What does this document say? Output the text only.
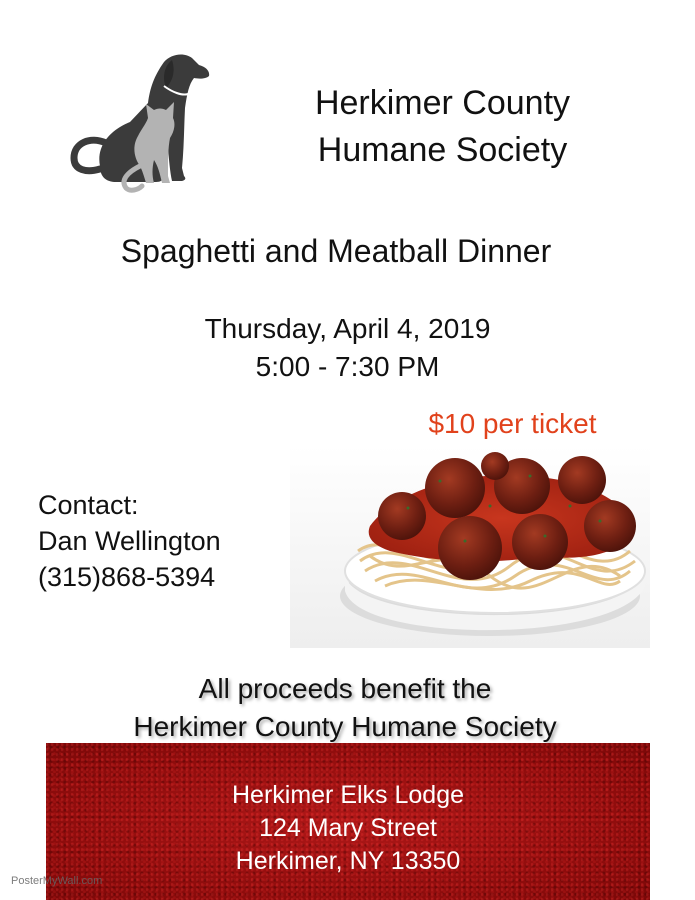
Herkimer County
Humane Society
Spaghetti and Meatball Dinner
Thursday, April 4, 2019
5:00 - 7:30 PM
$10 per ticket
Contact:
Dan Wellington
(315)868-5394
All proceeds benefit the
Herkimer County Humane Society
Herkimer Elks Lodge
124 Mary Street
Herkimer, NY 13350
PosterMyWall.com
